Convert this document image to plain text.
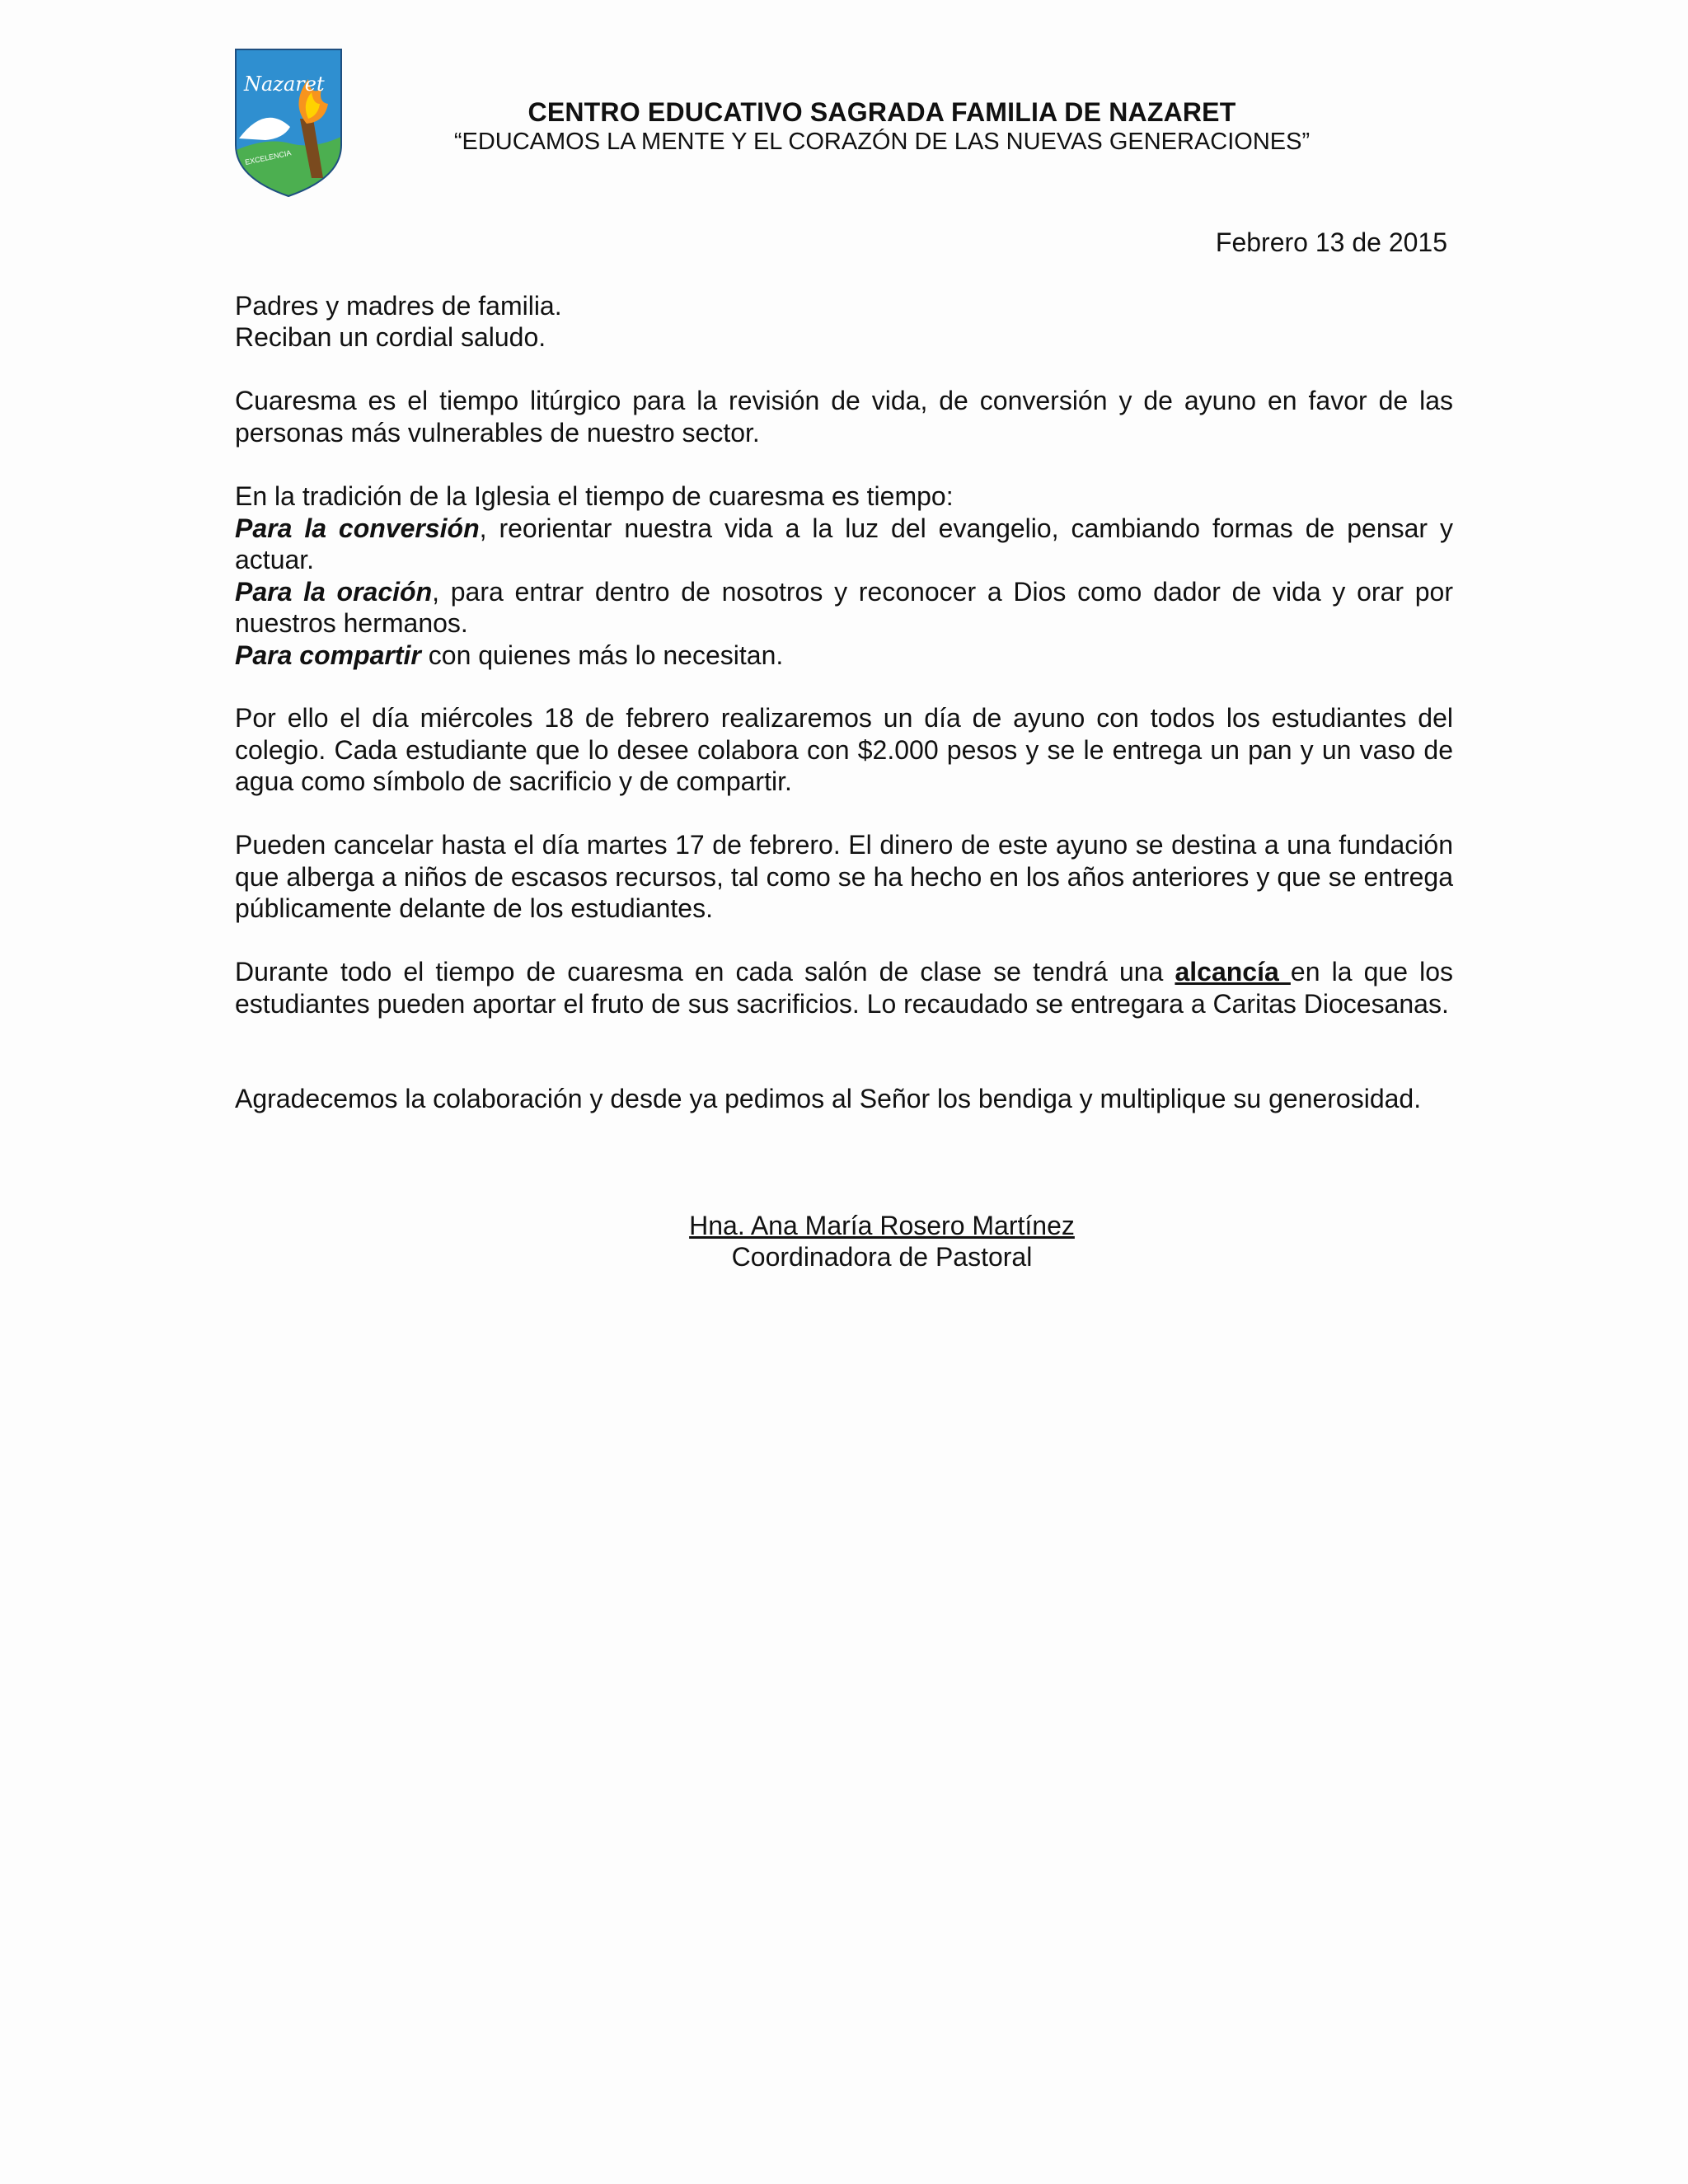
Nazaret
EXCELENCIA
CENTRO EDUCATIVO SAGRADA FAMILIA DE NAZARET
“EDUCAMOS LA MENTE Y EL CORAZÓN DE LAS NUEVAS GENERACIONES”
Febrero 13 de 2015

Padres y madres de familia.

Reciban un cordial saludo.

Cuaresma es el tiempo litúrgico para la revisión de vida, de conversión y de ayuno en favor de las personas más vulnerables de nuestro sector.

En la tradición de la Iglesia el tiempo de cuaresma es tiempo:

Para la conversión, reorientar nuestra vida a la luz del evangelio, cambiando formas de pensar y actuar.

Para la oración, para entrar dentro de nosotros y reconocer a Dios como dador de vida y orar por nuestros hermanos.

Para compartir con quienes más lo necesitan.

Por ello el día miércoles 18 de febrero realizaremos un día de ayuno con todos los estudiantes del colegio. Cada estudiante que lo desee colabora con $2.000 pesos y se le entrega un pan y un vaso de agua como símbolo de sacrificio y de compartir.

Pueden cancelar hasta el día martes 17 de febrero. El dinero de este ayuno se destina a una fundación que alberga a niños de escasos recursos, tal como se ha hecho en los años anteriores y que se entrega públicamente delante de los estudiantes.

Durante todo el tiempo de cuaresma en cada salón de clase se tendrá una alcancía en la que los estudiantes pueden aportar el fruto de sus sacrificios. Lo recaudado se entregara a Caritas Diocesanas.

Agradecemos la colaboración y desde ya pedimos al Señor los bendiga y multiplique su generosidad.

Hna. Ana María Rosero Martínez
Coordinadora de Pastoral
